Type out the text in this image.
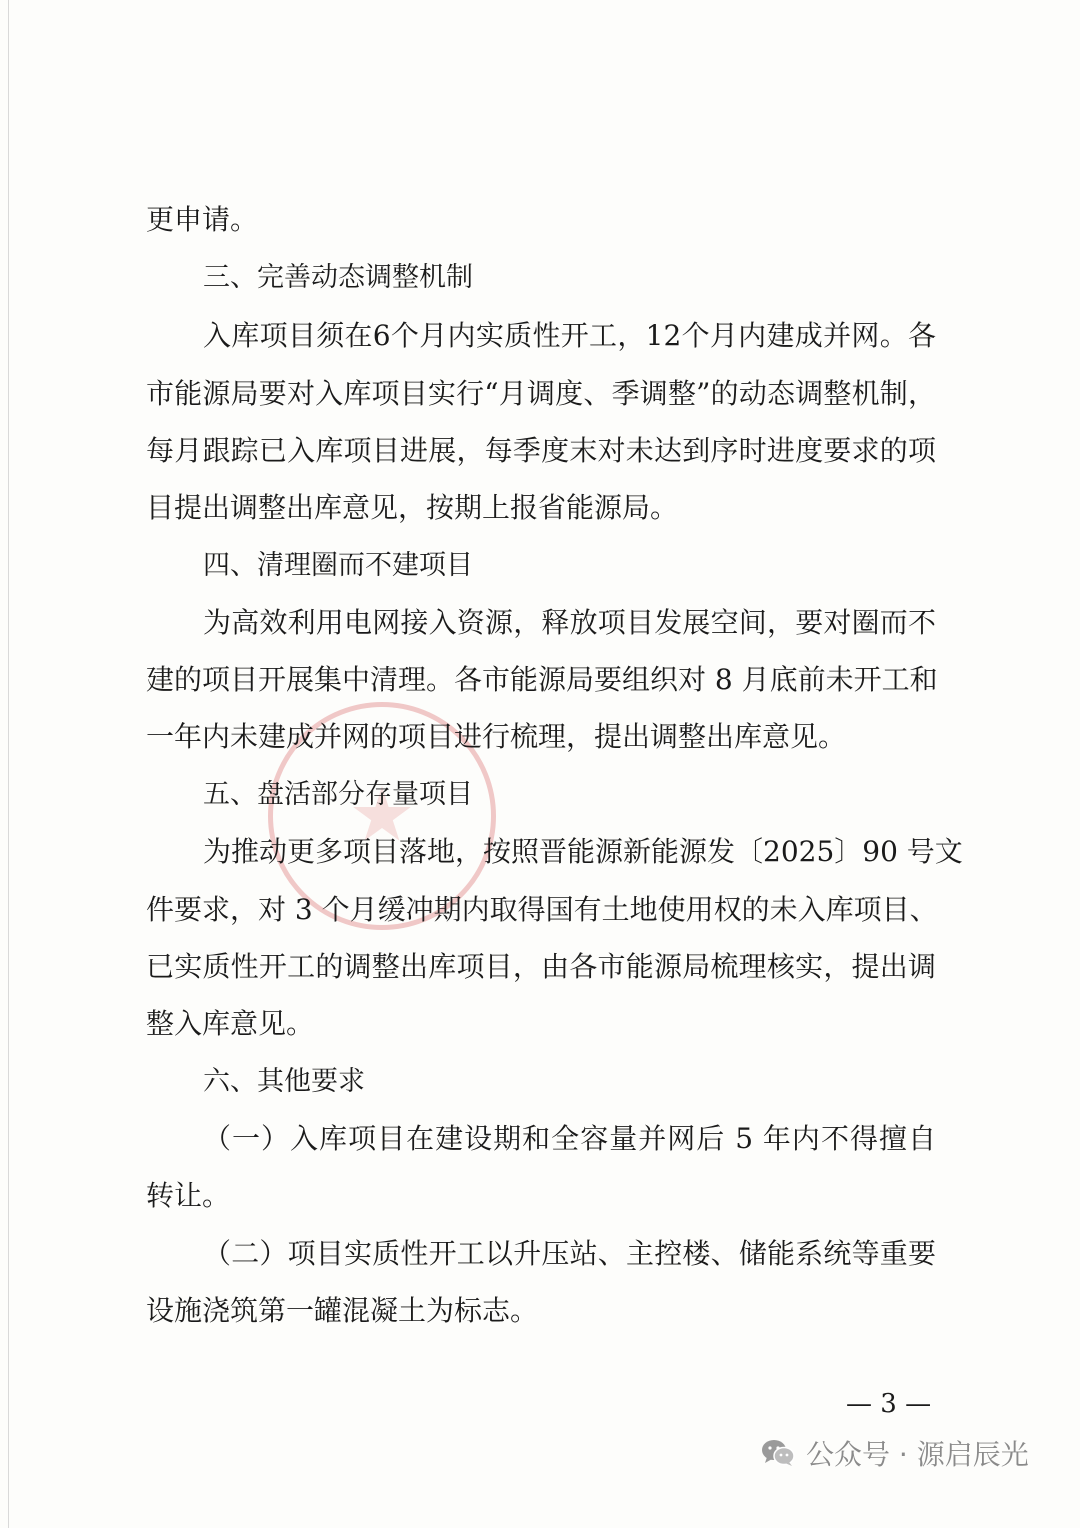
更申请。

三、完善动态调整机制

入库项目须在6个月内实质性开工，12个月内建成并网。各

市能源局要对入库项目实行“月调度、季调整”的动态调整机制，

每月跟踪已入库项目进展，每季度末对未达到序时进度要求的项

目提出调整出库意见，按期上报省能源局。

四、清理圈而不建项目

为高效利用电网接入资源，释放项目发展空间，要对圈而不

建的项目开展集中清理。各市能源局要组织对 8 月底前未开工和

一年内未建成并网的项目进行梳理，提出调整出库意见。

五、盘活部分存量项目

为推动更多项目落地，按照晋能源新能源发〔2025〕90 号文

件要求，对 3 个月缓冲期内取得国有土地使用权的未入库项目、

已实质性开工的调整出库项目，由各市能源局梳理核实，提出调

整入库意见。

六、其他要求

（一）入库项目在建设期和全容量并网后 5 年内不得擅自

转让。

（二）项目实质性开工以升压站、主控楼、储能系统等重要

设施浇筑第一罐混凝土为标志。

— 3 —
公众号 · 源启辰光
